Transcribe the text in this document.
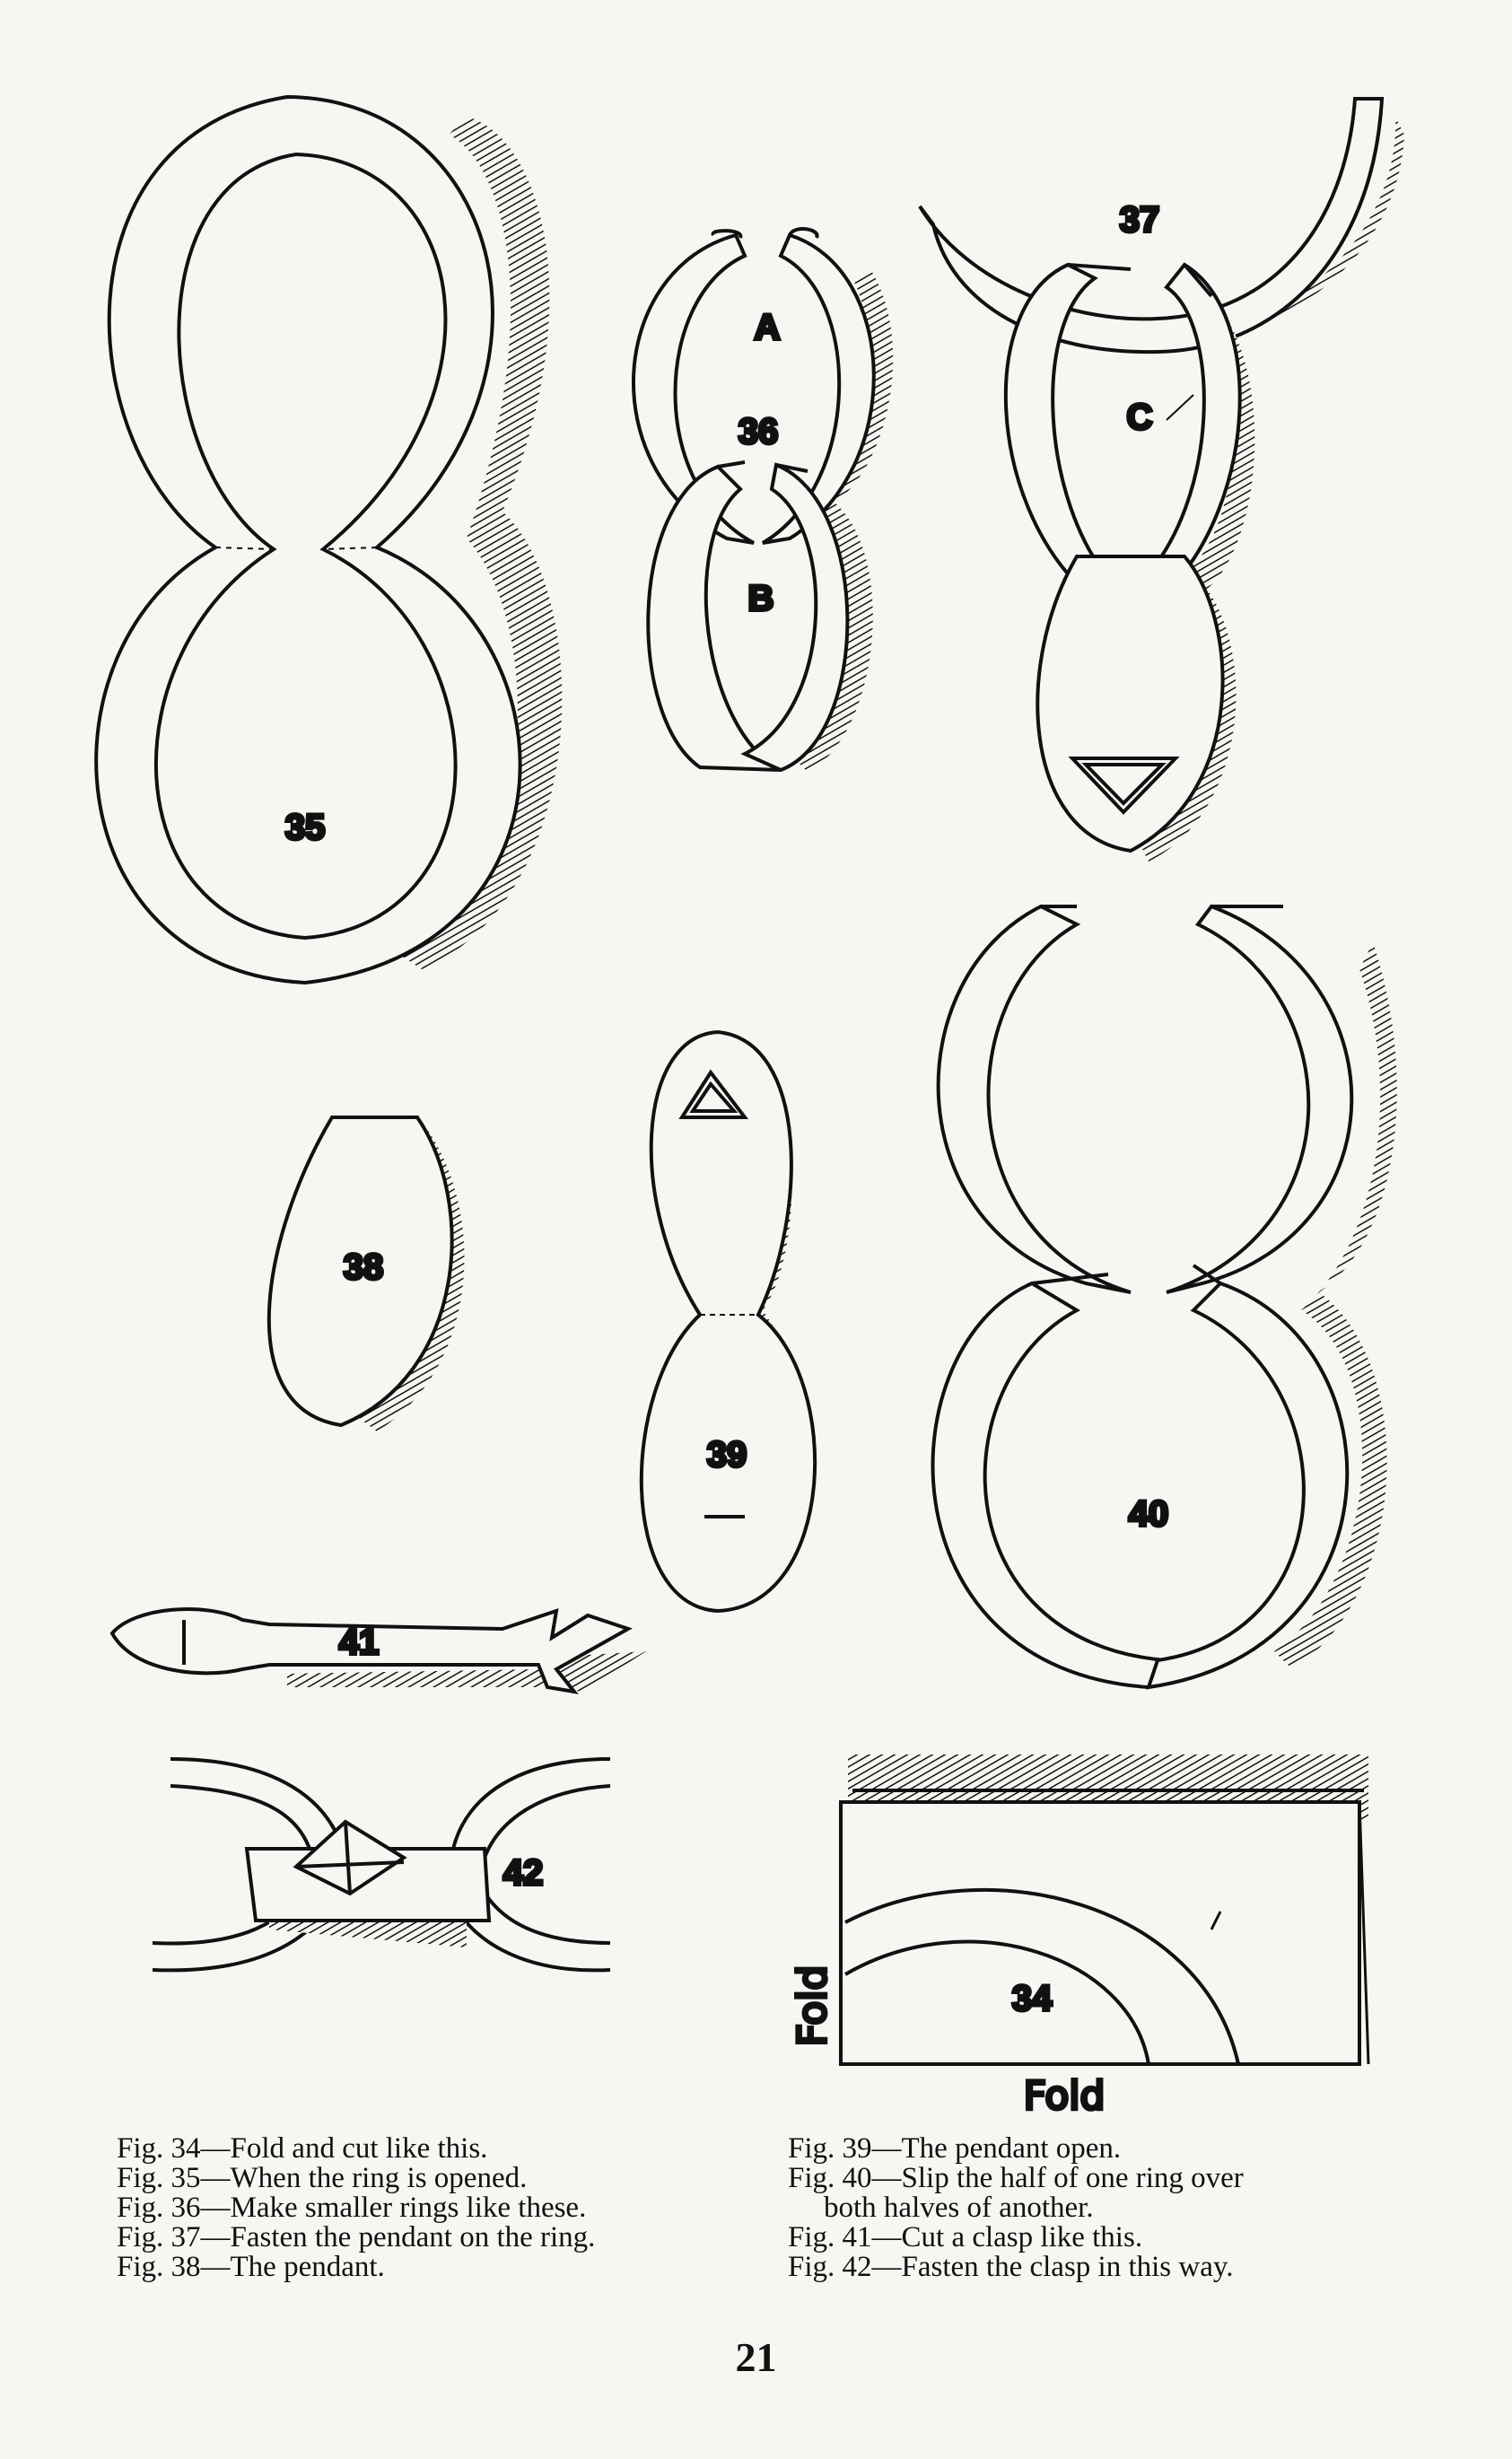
35
A
36
B
37
C
38
39
40
41
42
34
Fold
Fold
Fig. 34—Fold and cut like this.
Fig. 35—When the ring is opened.
Fig. 36—Make smaller rings like these.
Fig. 37—Fasten the pendant on the ring.
Fig. 38—The pendant.
Fig. 39—The pendant open.
Fig. 40—Slip the half of one ring over
both halves of another.
Fig. 41—Cut a clasp like this.
Fig. 42—Fasten the clasp in this way.
21
